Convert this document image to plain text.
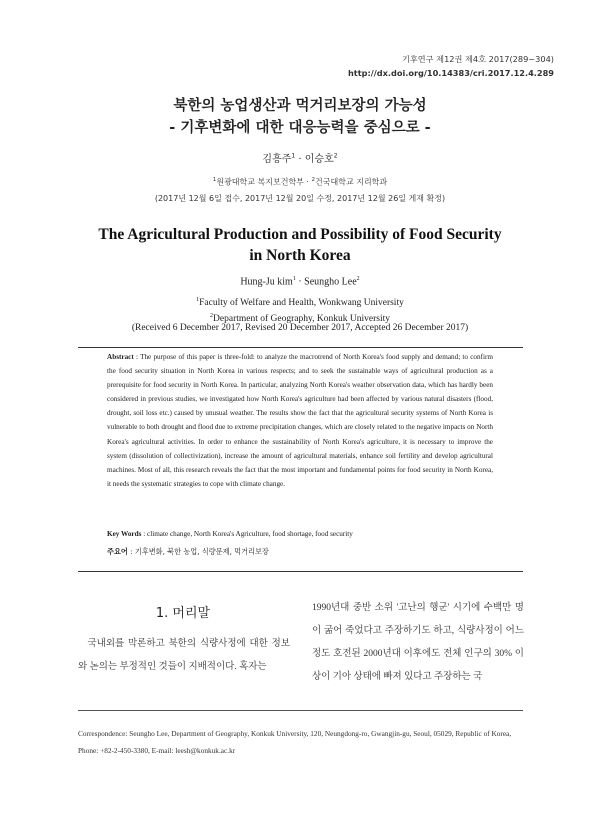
기후연구 제12권 제4호 2017(289~304)
http://dx.doi.org/10.14383/cri.2017.12.4.289
북한의 농업생산과 먹거리보장의 가능성
- 기후변화에 대한 대응능력을 중심으로 -
김흥주$^1$ · 이승호$^2$
$^1$원광대학교 복지보건학부 · $^2$건국대학교 지리학과
(2017년 12월 6일 접수, 2017년 12월 20일 수정, 2017년 12월 26일 게재 확정)
The Agricultural Production and Possibility of Food Security
in North Korea
Hung-Ju kim$^1$ · Seungho Lee$^2$
$^1$Faculty of Welfare and Health, Wonkwang University
$^2$Department of Geography, Konkuk University
(Received 6 December 2017, Revised 20 December 2017, Accepted 26 December 2017)
Abstract : The purpose of this paper is three-fold: to analyze the macrotrend of North Korea's food supply and demand; to confirm the food security situation in North Korea in various respects; and to seek the sustainable ways of agricultural production as a prerequisite for food security in North Korea. In particular, analyzing North Korea's weather observation data, which has hardly been considered in previous studies, we investigated how North Korea's agriculture had been affected by various natural disasters (flood, drought, soil loss etc.) caused by unusual weather. The results show the fact that the agricultural security systems of North Korea is vulnerable to both drought and flood due to extreme precipitation changes, which are closely related to the negative impacts on North Korea's agricultural activities. In order to enhance the sustainability of North Korea's agriculture, it is necessary to improve the system (dissolution of collectivization), increase the amount of agricultural materials, enhance soil fertility and develop agricultural machines. Most of all, this research reveals the fact that the most important and fundamental points for food security in North Korea, it needs the systematic strategies to cope with climate change.
Key Words : climate change, North Korea's Agriculture, food shortage, food security
주요어 : 기후변화, 북한 농업, 식량문제, 먹거리보장
1. 머리말
국내외를 막론하고 북한의 식량사정에 대한 정보와 논의는 부정적인 것들이 지배적이다. 혹자는
1990년대 중반 소위 '고난의 행군' 시기에 수백만 명이 굶어 죽었다고 주장하기도 하고, 식량사정이 어느 정도 호전된 2000년대 이후에도 전체 인구의 30% 이상이 기아 상태에 빠져 있다고 주장하는 국
Correspondence: Seungho Lee, Department of Geography, Konkuk University, 120, Neungdong-ro, Gwangjin-gu, Seoul, 05029, Republic of Korea, Phone: +82-2-450-3380, E-mail: leesh@konkuk.ac.kr
